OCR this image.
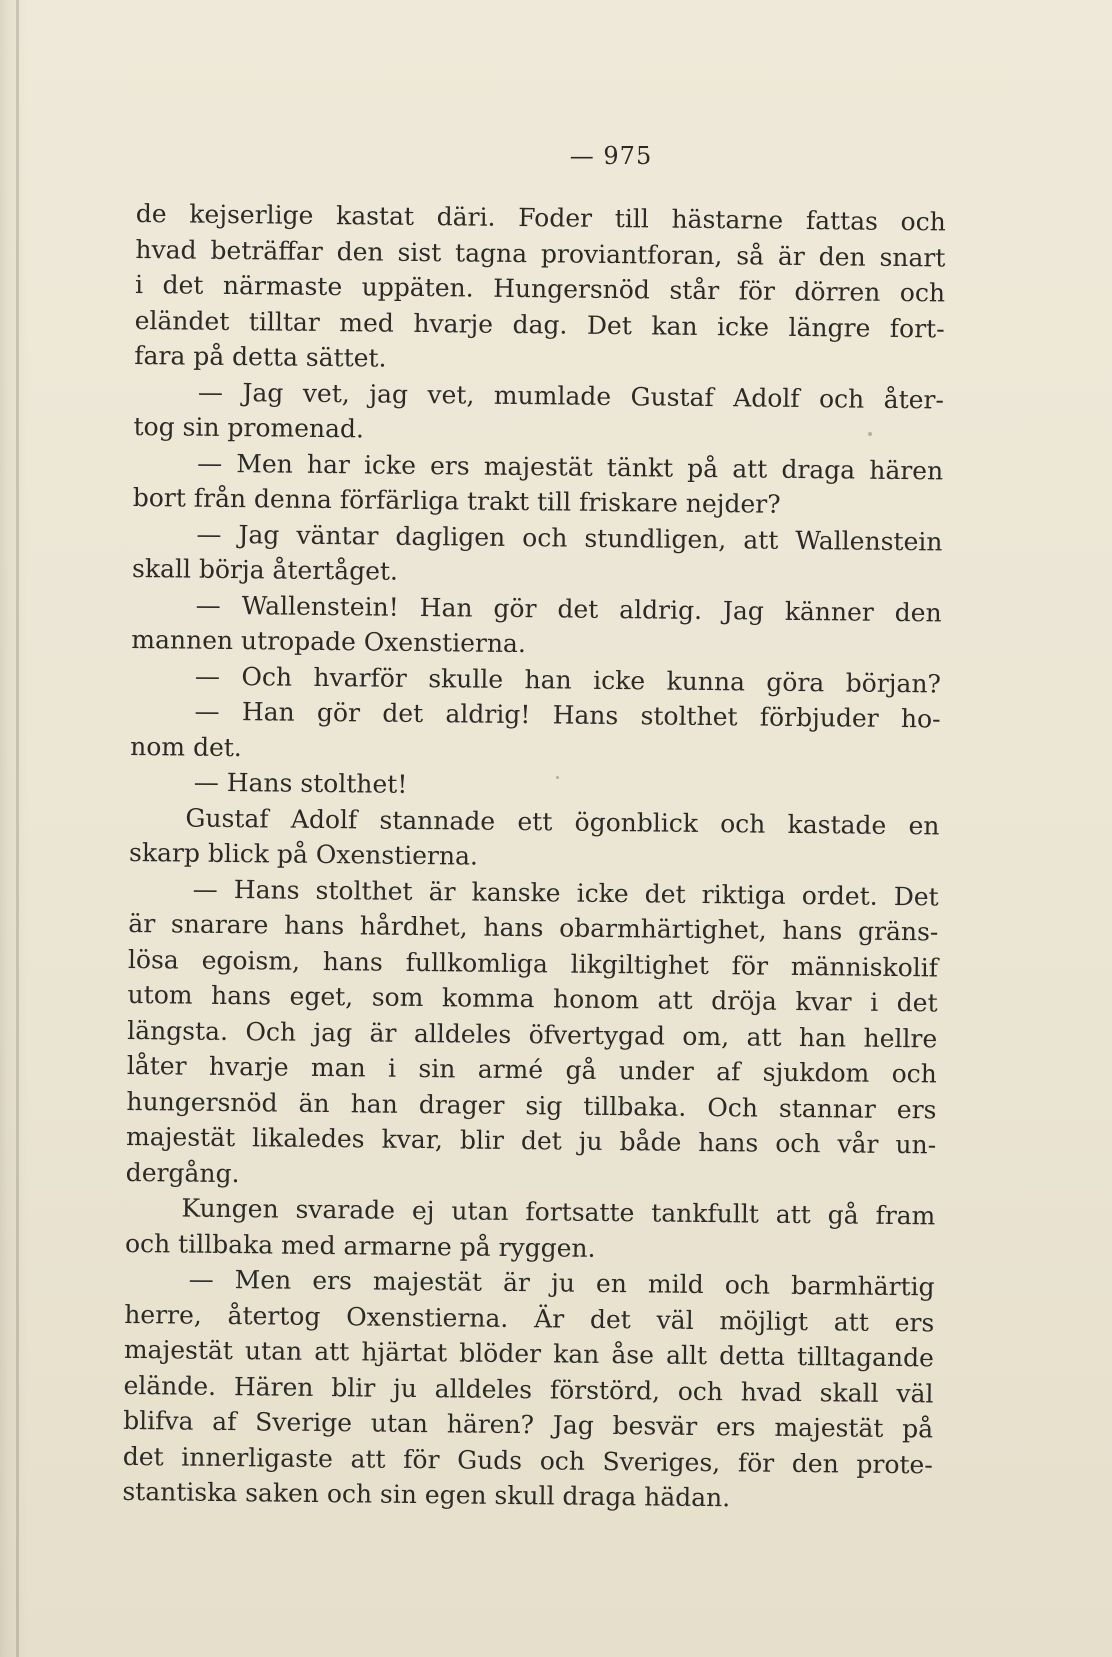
— 975
de kejserlige kastat däri. Foder till hästarne fattas och
hvad beträffar den sist tagna proviantforan, så är den snart
i det närmaste uppäten. Hungersnöd står för dörren och
eländet tilltar med hvarje dag. Det kan icke längre fort-
fara på detta sättet.
— Jag vet, jag vet, mumlade Gustaf Adolf och åter-
tog sin promenad.
— Men har icke ers majestät tänkt på att draga hären
bort från denna förfärliga trakt till friskare nejder?
— Jag väntar dagligen och stundligen, att Wallenstein
skall börja återtåget.
— Wallenstein! Han gör det aldrig. Jag känner den
mannen utropade Oxenstierna.
— Och hvarför skulle han icke kunna göra början?
— Han gör det aldrig! Hans stolthet förbjuder ho-
nom det.
— Hans stolthet!
Gustaf Adolf stannade ett ögonblick och kastade en
skarp blick på Oxenstierna.
— Hans stolthet är kanske icke det riktiga ordet. Det
är snarare hans hårdhet, hans obarmhärtighet, hans gräns-
lösa egoism, hans fullkomliga likgiltighet för människolif
utom hans eget, som komma honom att dröja kvar i det
längsta. Och jag är alldeles öfvertygad om, att han hellre
låter hvarje man i sin armé gå under af sjukdom och
hungersnöd än han drager sig tillbaka. Och stannar ers
majestät likaledes kvar, blir det ju både hans och vår un-
dergång.
Kungen svarade ej utan fortsatte tankfullt att gå fram
och tillbaka med armarne på ryggen.
— Men ers majestät är ju en mild och barmhärtig
herre, återtog Oxenstierna. Är det väl möjligt att ers
majestät utan att hjärtat blöder kan åse allt detta tilltagande
elände. Hären blir ju alldeles förstörd, och hvad skall väl
blifva af Sverige utan hären? Jag besvär ers majestät på
det innerligaste att för Guds och Sveriges, för den prote-
stantiska saken och sin egen skull draga hädan.
